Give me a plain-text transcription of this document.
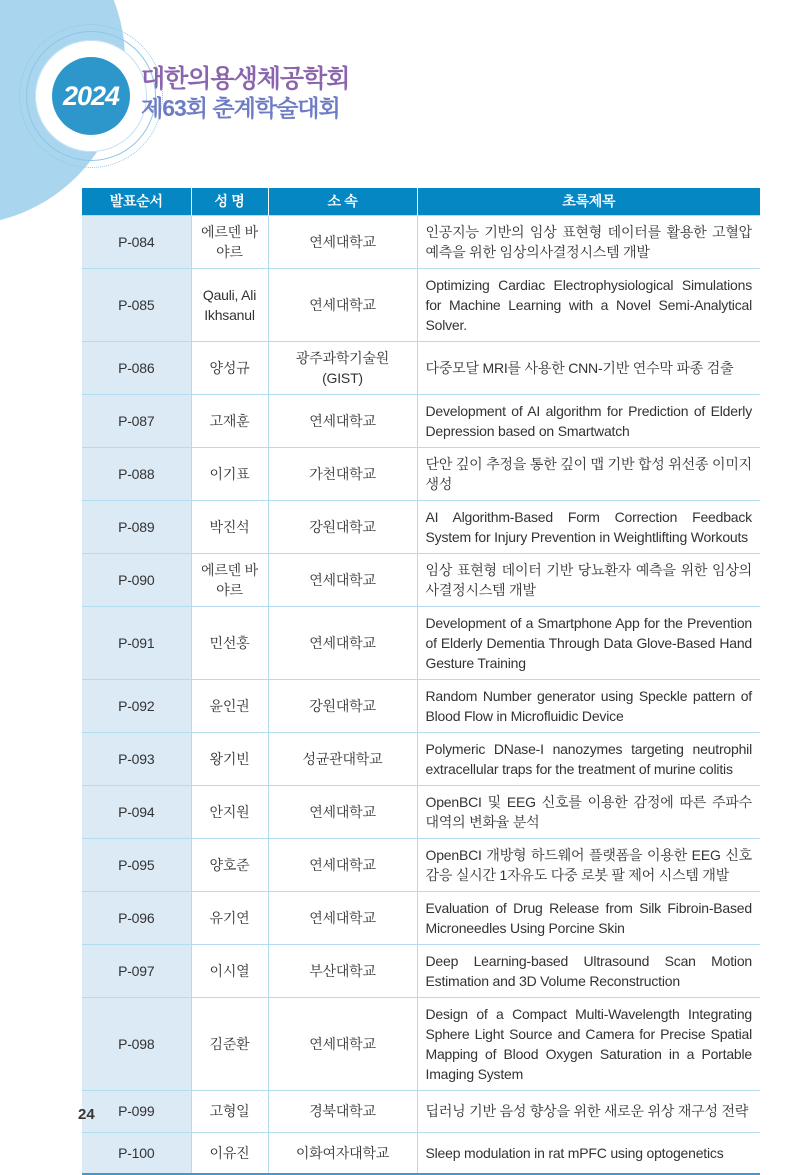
2024
대한의용생체공학회
제63회 춘계학술대회
발표순서	성 명	소 속	초록제목
P-084	에르덴 바야르	연세대학교	인공지능 기반의 임상 표현형 데이터를 활용한 고혈압 예측을 위한 임상의사결정시스템 개발
P-085	Qauli, Ali Ikhsanul	연세대학교	Optimizing Cardiac Electrophysiological Simulations for Machine Learning with a Novel Semi-Analytical Solver.
P-086	양성규	광주과학기술원 (GIST)	다중모달 MRI를 사용한 CNN-기반 연수막 파종 검출
P-087	고재훈	연세대학교	Development of AI algorithm for Prediction of Elderly Depression based on Smartwatch
P-088	이기표	가천대학교	단안 깊이 추정을 통한 깊이 맵 기반 합성 위선종 이미지 생성
P-089	박진석	강원대학교	AI Algorithm-Based Form Correction Feedback System for Injury Prevention in Weightlifting Workouts
P-090	에르덴 바야르	연세대학교	임상 표현형 데이터 기반 당뇨환자 예측을 위한 임상의사결정시스템 개발
P-091	민선홍	연세대학교	Development of a Smartphone App for the Prevention of Elderly Dementia Through Data Glove-Based Hand Gesture Training
P-092	윤인권	강원대학교	Random Number generator using Speckle pattern of Blood Flow in Microfluidic Device
P-093	왕기빈	성균관대학교	Polymeric DNase-I nanozymes targeting neutrophil extracellular traps for the treatment of murine colitis
P-094	안지원	연세대학교	OpenBCI 및 EEG 신호를 이용한 감정에 따른 주파수 대역의 변화율 분석
P-095	양호준	연세대학교	OpenBCI 개방형 하드웨어 플랫폼을 이용한 EEG 신호 감응 실시간 1자유도 다중 로봇 팔 제어 시스템 개발
P-096	유기연	연세대학교	Evaluation of Drug Release from Silk Fibroin-Based Microneedles Using Porcine Skin
P-097	이시열	부산대학교	Deep Learning-based Ultrasound Scan Motion Estimation and 3D Volume Reconstruction
P-098	김준환	연세대학교	Design of a Compact Multi-Wavelength Integrating Sphere Light Source and Camera for Precise Spatial Mapping of Blood Oxygen Saturation in a Portable Imaging System
P-099	고형일	경북대학교	딥러닝 기반 음성 향상을 위한 새로운 위상 재구성 전략
P-100	이유진	이화여자대학교	Sleep modulation in rat mPFC using optogenetics
24
